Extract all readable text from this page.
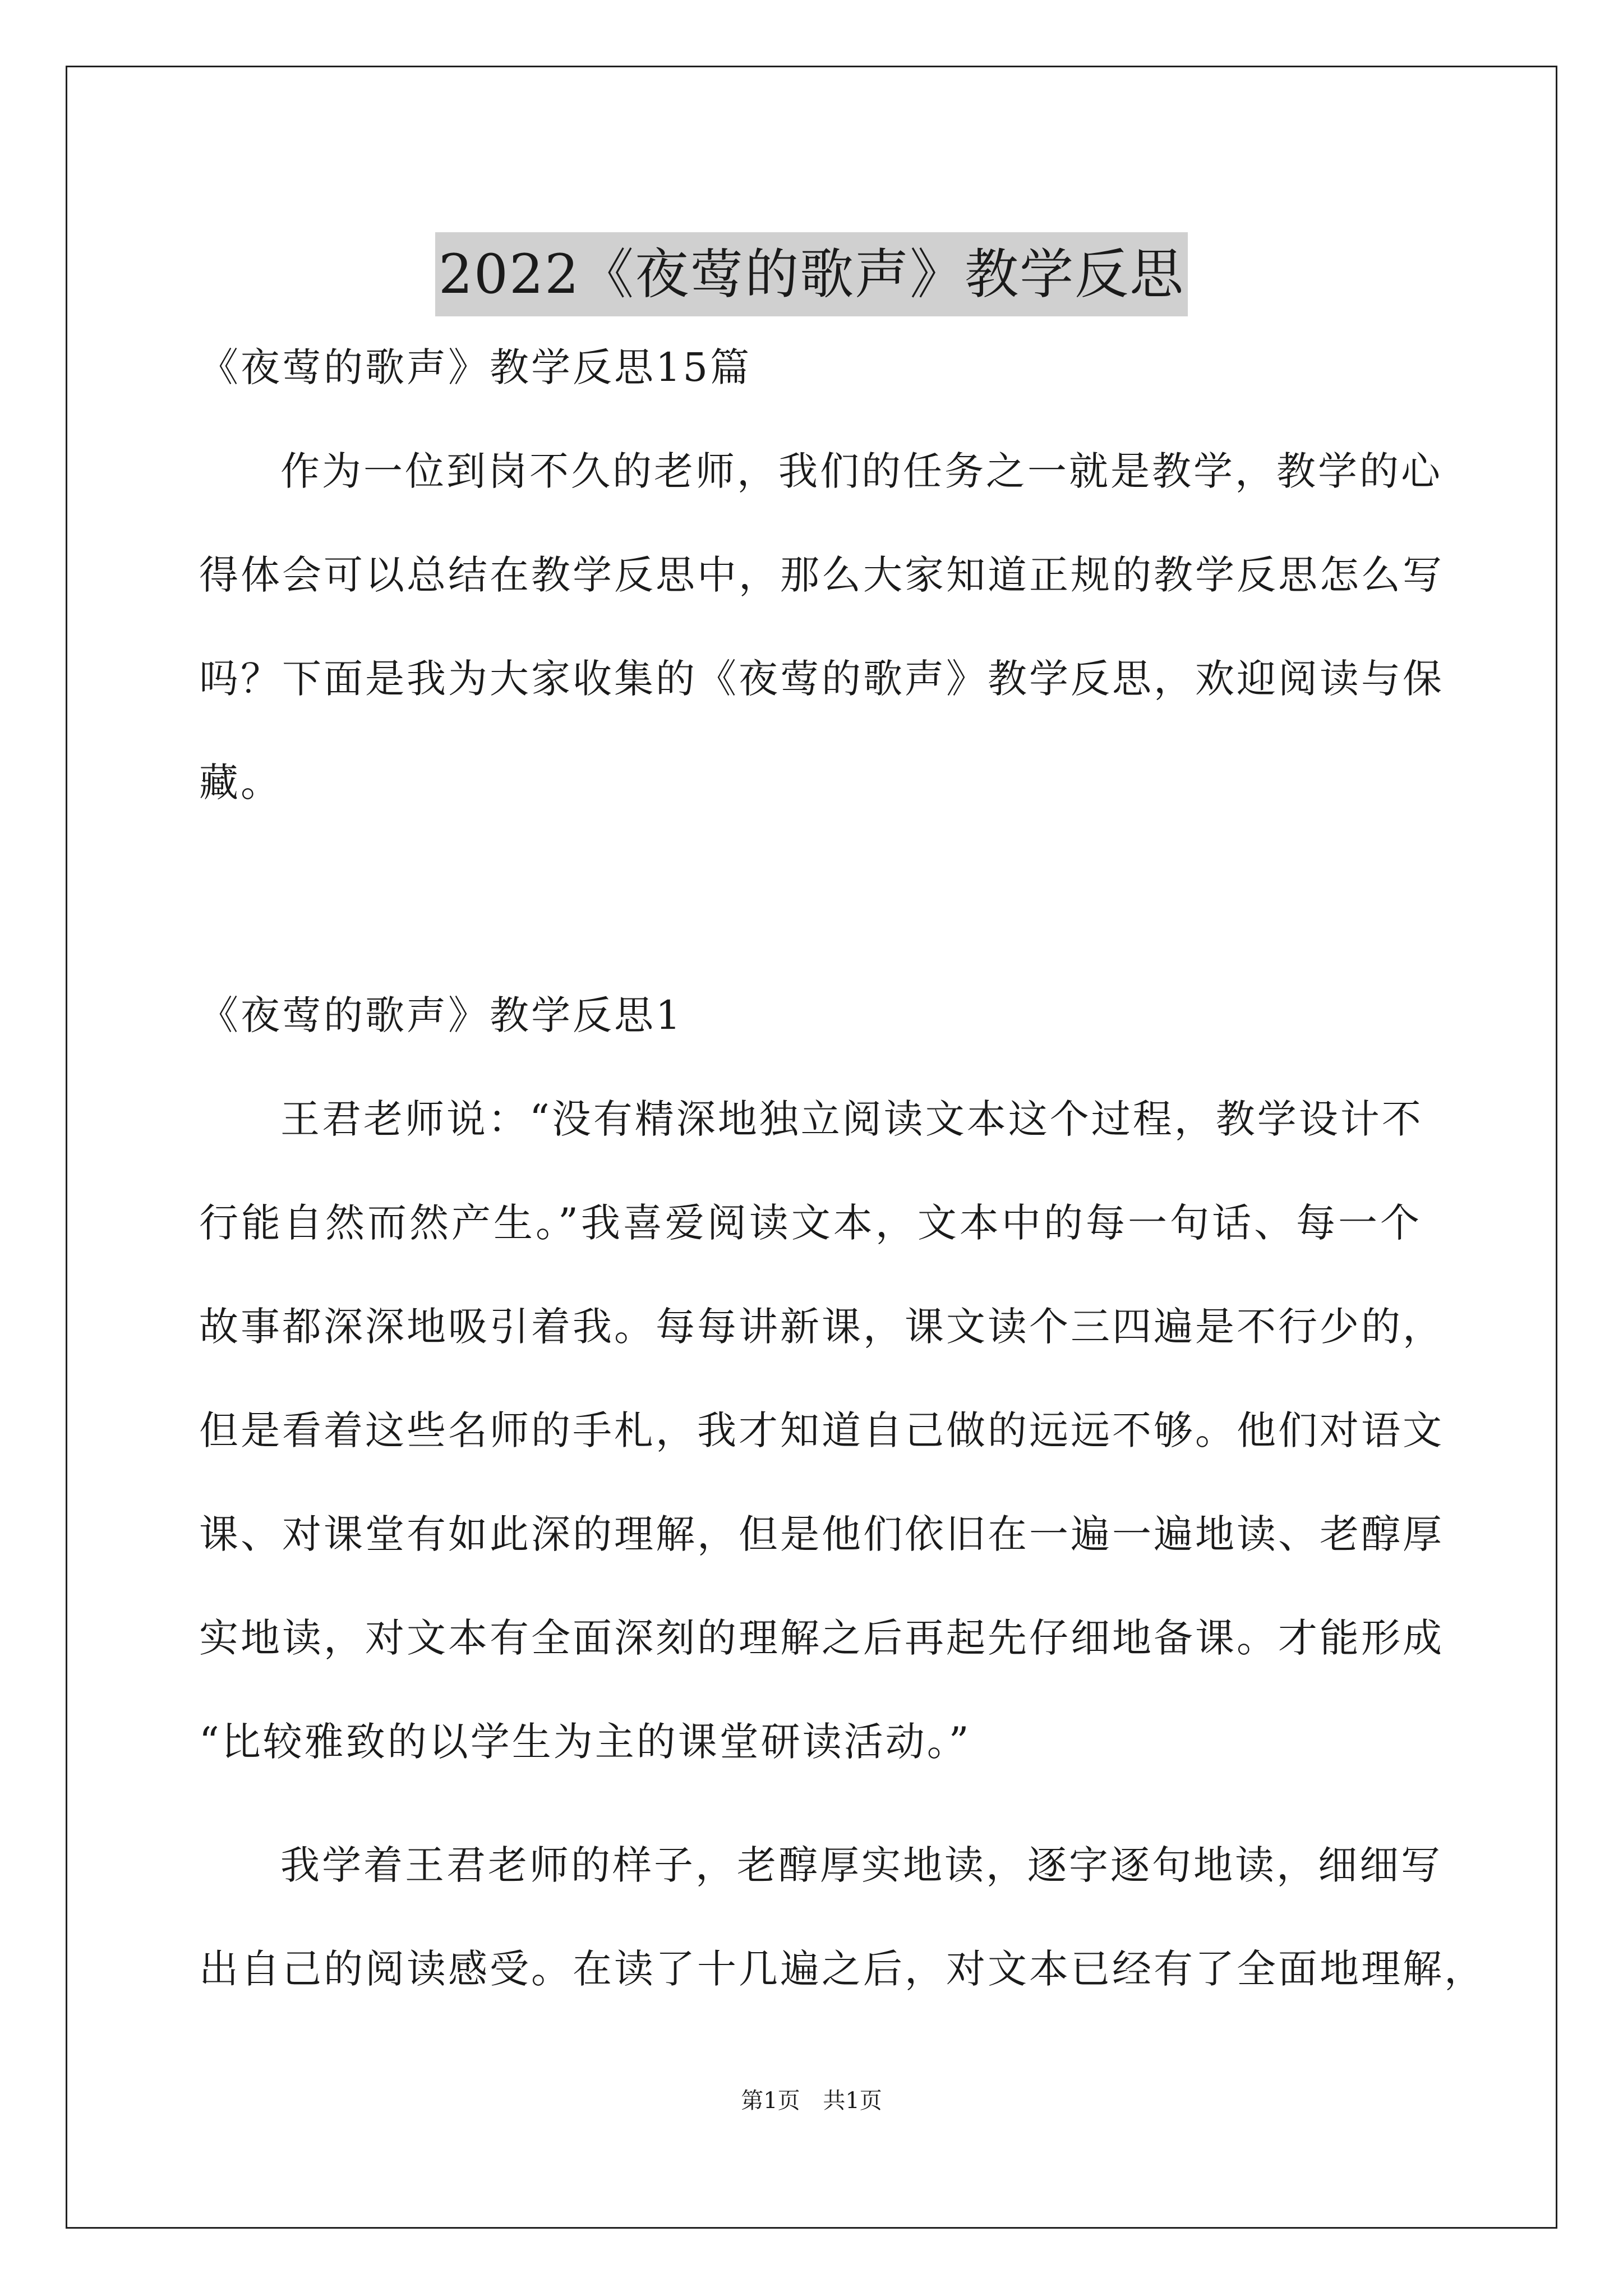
2022《夜莺的歌声》教学反思
《夜莺的歌声》教学反思15篇
作为一位到岗不久的老师，我们的任务之一就是教学，教学的心
得体会可以总结在教学反思中，那么大家知道正规的教学反思怎么写
吗？下面是我为大家收集的《夜莺的歌声》教学反思，欢迎阅读与保
藏。
《夜莺的歌声》教学反思1
王君老师说：“没有精深地独立阅读文本这个过程，教学设计不
行能自然而然产生。”我喜爱阅读文本，文本中的每一句话、每一个
故事都深深地吸引着我。每每讲新课，课文读个三四遍是不行少的，
但是看着这些名师的手札，我才知道自己做的远远不够。他们对语文
课、对课堂有如此深的理解，但是他们依旧在一遍一遍地读、老醇厚
实地读，对文本有全面深刻的理解之后再起先仔细地备课。才能形成
“比较雅致的以学生为主的课堂研读活动。”
我学着王君老师的样子，老醇厚实地读，逐字逐句地读，细细写
出自己的阅读感受。在读了十几遍之后，对文本已经有了全面地理解，
第1页 共1页
